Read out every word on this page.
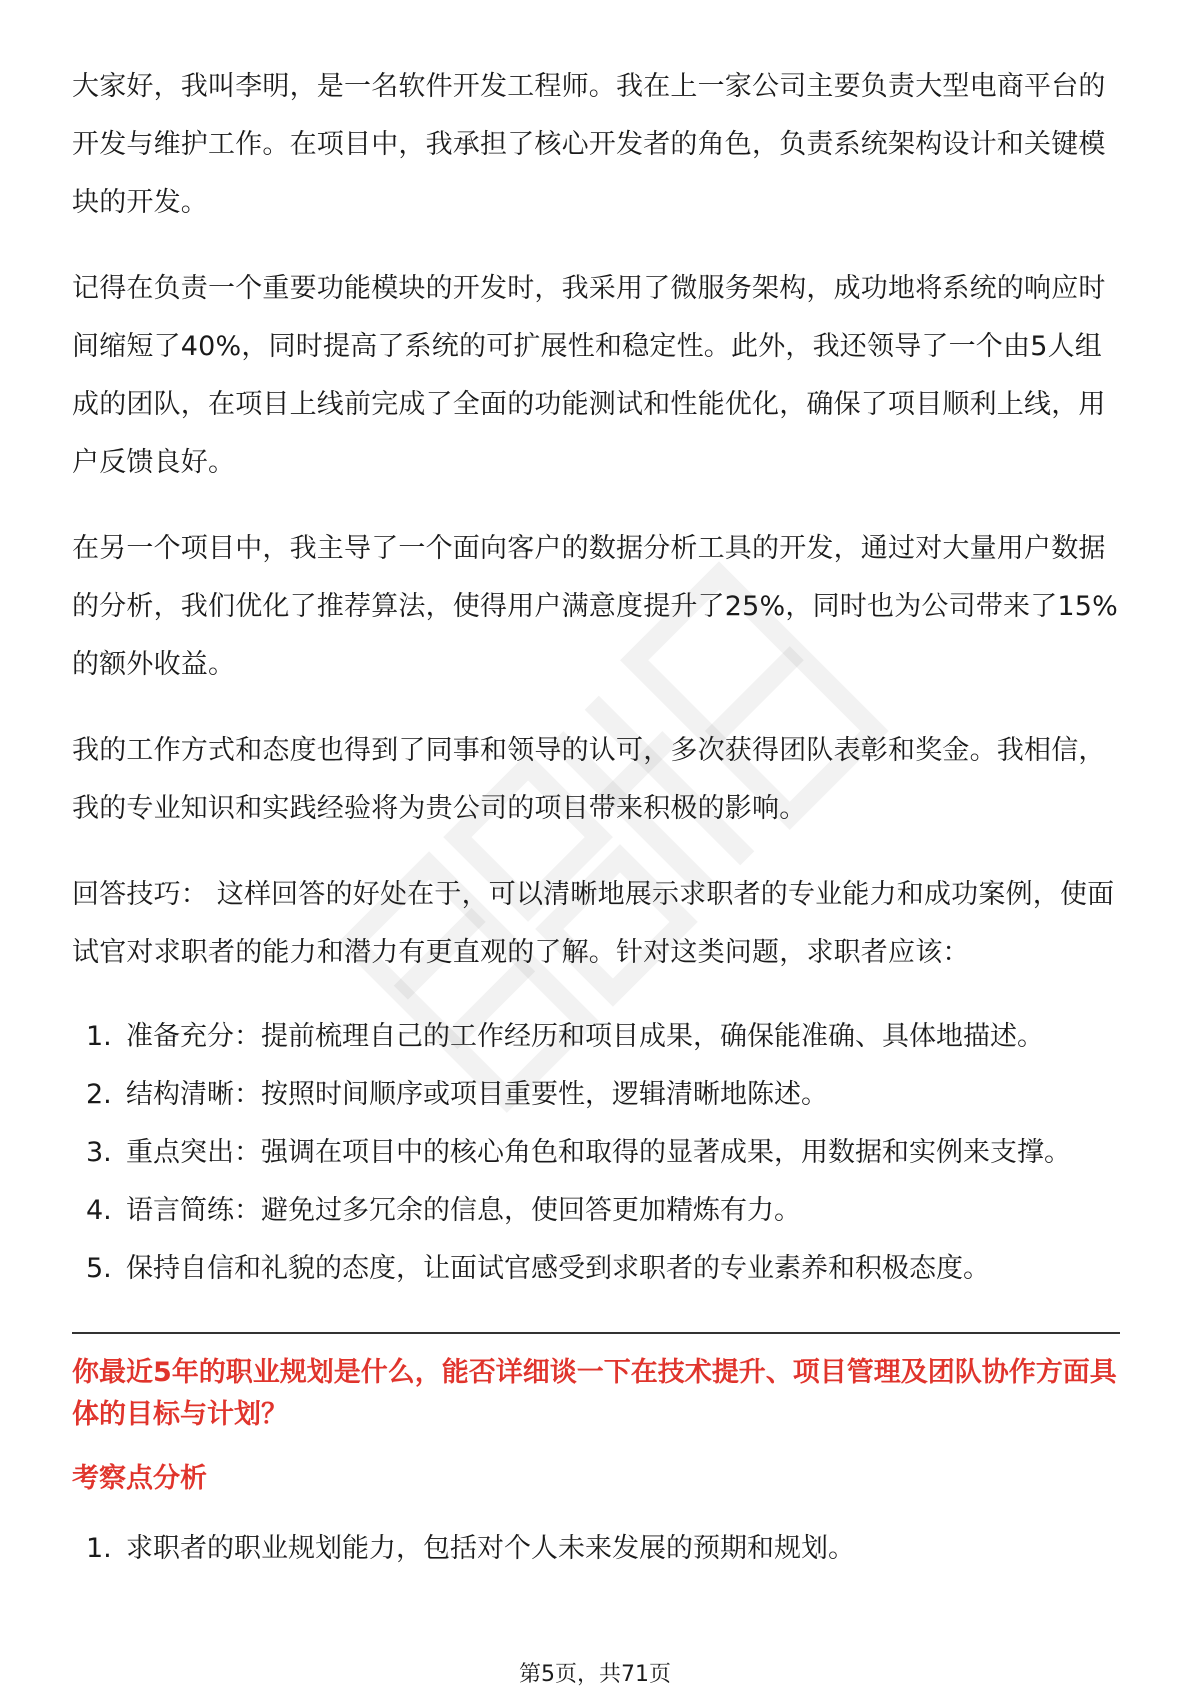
大家好，我叫李明，是一名软件开发工程师。我在上一家公司主要负责大型电商平台的开发与维护工作。在项目中，我承担了核心开发者的角色，负责系统架构设计和关键模块的开发。

记得在负责一个重要功能模块的开发时，我采用了微服务架构，成功地将系统的响应时间缩短了40%，同时提高了系统的可扩展性和稳定性。此外，我还领导了一个由5人组成的团队，在项目上线前完成了全面的功能测试和性能优化，确保了项目顺利上线，用户反馈良好。

在另一个项目中，我主导了一个面向客户的数据分析工具的开发，通过对大量用户数据的分析，我们优化了推荐算法，使得用户满意度提升了25%，同时也为公司带来了15%的额外收益。

我的工作方式和态度也得到了同事和领导的认可，多次获得团队表彰和奖金。我相信，我的专业知识和实践经验将为贵公司的项目带来积极的影响。

回答技巧： 这样回答的好处在于，可以清晰地展示求职者的专业能力和成功案例，使面试官对求职者的能力和潜力有更直观的了解。针对这类问题，求职者应该：

1. 准备充分：提前梳理自己的工作经历和项目成果，确保能准确、具体地描述。
2. 结构清晰：按照时间顺序或项目重要性，逻辑清晰地陈述。
3. 重点突出：强调在项目中的核心角色和取得的显著成果，用数据和实例来支撑。
4. 语言简练：避免过多冗余的信息，使回答更加精炼有力。
5. 保持自信和礼貌的态度，让面试官感受到求职者的专业素养和积极态度。

你最近5年的职业规划是什么，能否详细谈一下在技术提升、项目管理及团队协作方面具体的目标与计划？

考察点分析

1. 求职者的职业规划能力，包括对个人未来发展的预期和规划。
第5页，共71页
